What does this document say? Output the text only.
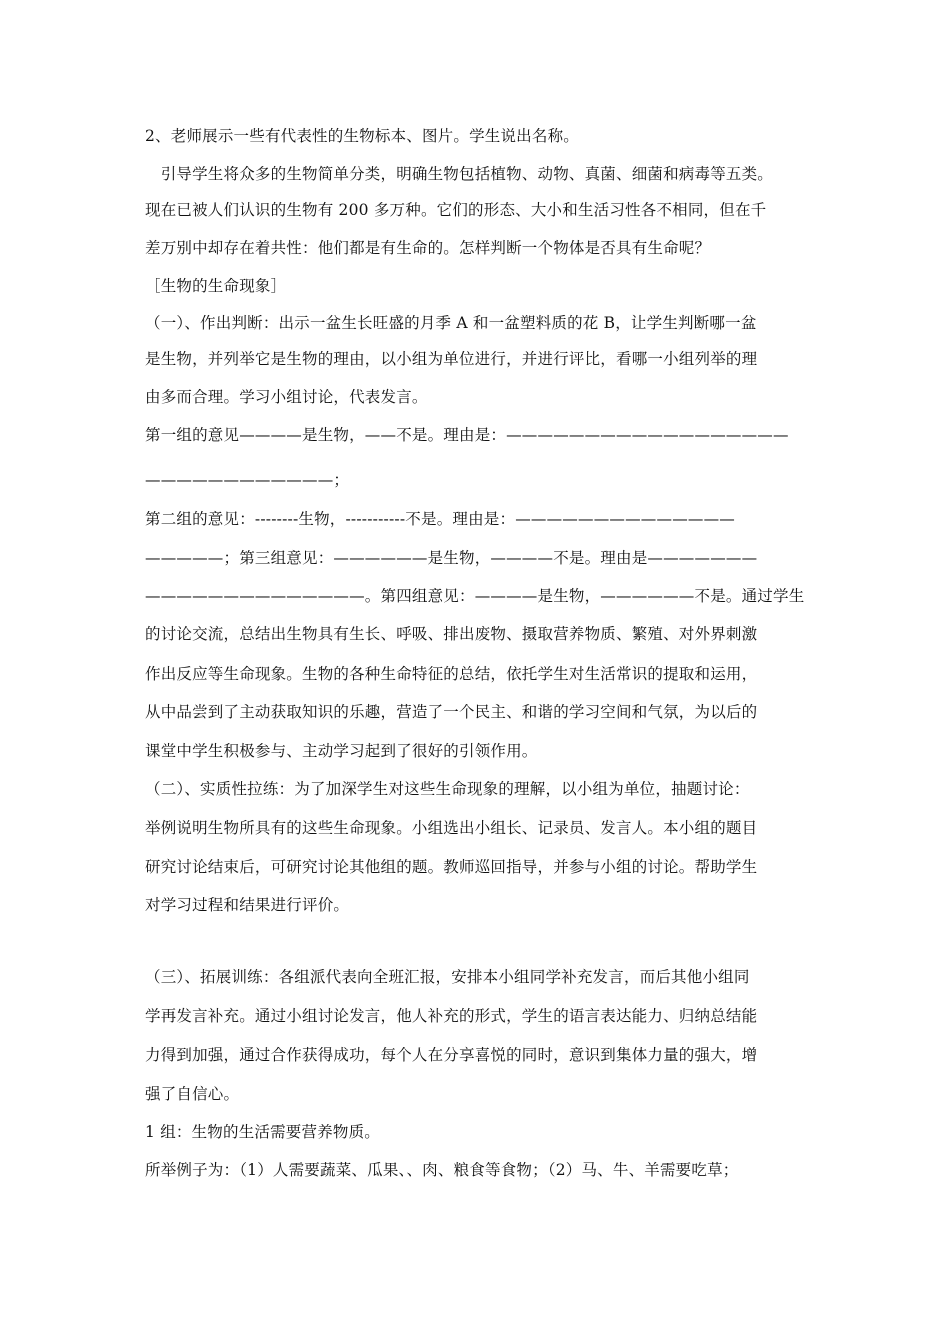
2、老师展示一些有代表性的生物标本、图片。学生说出名称。
　引导学生将众多的生物简单分类，明确生物包括植物、动物、真菌、细菌和病毒等五类。
现在已被人们认识的生物有 200 多万种。它们的形态、大小和生活习性各不相同，但在千
差万别中却存在着共性：他们都是有生命的。怎样判断一个物体是否具有生命呢？
［生物的生命现象］
（一）、作出判断：出示一盆生长旺盛的月季 A 和一盆塑料质的花 B，让学生判断哪一盆
是生物，并列举它是生物的理由，以小组为单位进行，并进行评比，看哪一小组列举的理
由多而合理。学习小组讨论，代表发言。
第一组的意见————是生物，——不是。理由是：——————————————————
————————————；
第二组的意见：--------生物，-----------不是。理由是：——————————————
—————；第三组意见：——————是生物，————不是。理由是———————
——————————————。第四组意见：————是生物，——————不是。通过学生
的讨论交流，总结出生物具有生长、呼吸、排出废物、摄取营养物质、繁殖、对外界刺激
作出反应等生命现象。生物的各种生命特征的总结，依托学生对生活常识的提取和运用，
从中品尝到了主动获取知识的乐趣，营造了一个民主、和谐的学习空间和气氛，为以后的
课堂中学生积极参与、主动学习起到了很好的引领作用。
（二）、实质性拉练：为了加深学生对这些生命现象的理解，以小组为单位，抽题讨论：
举例说明生物所具有的这些生命现象。小组选出小组长、记录员、发言人。本小组的题目
研究讨论结束后，可研究讨论其他组的题。教师巡回指导，并参与小组的讨论。帮助学生
对学习过程和结果进行评价。
（三）、拓展训练：各组派代表向全班汇报，安排本小组同学补充发言，而后其他小组同
学再发言补充。通过小组讨论发言，他人补充的形式，学生的语言表达能力、归纳总结能
力得到加强，通过合作获得成功，每个人在分享喜悦的同时，意识到集体力量的强大，增
强了自信心。
1 组：生物的生活需要营养物质。
所举例子为：（1）人需要蔬菜、瓜果、、肉、粮食等食物；（2）马、牛、羊需要吃草；
